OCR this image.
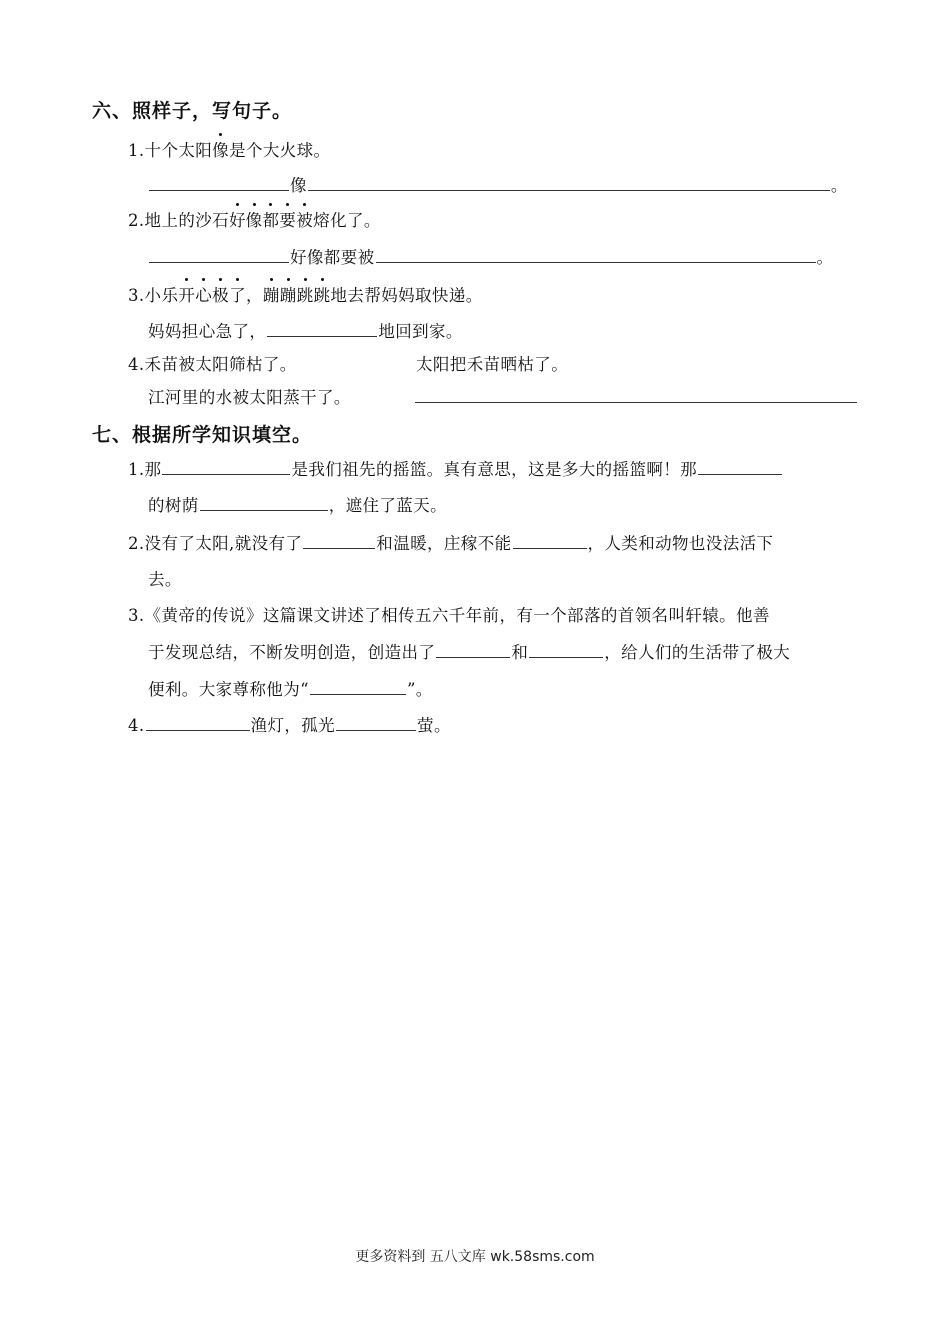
六、照样子，写句子。
1.十个太阳像是个大火球。
像	。
2.地上的沙石好像都要被熔化了。
好像都要被	。
3.小乐开心极了，蹦蹦跳跳地去帮妈妈取快递。
妈妈担心急了，	地回到家。
4.禾苗被太阳筛枯了。	太阳把禾苗晒枯了。
江河里的水被太阳蒸干了。
七、根据所学知识填空。
1.那	是我们祖先的摇篮。真有意思，这是多大的摇篮啊！那
的树荫	，遮住了蓝天。
2.没有了太阳,就没有了	和温暖，庄稼不能	，人类和动物也没法活下
去。
3.《黄帝的传说》这篇课文讲述了相传五六千年前，有一个部落的首领名叫轩辕。他善
于发现总结，不断发明创造，创造出了	和	，给人们的生活带了极大
便利。大家尊称他为“	”。
4.	渔灯，孤光	萤。
更多资料到 五八文库 wk.58sms.com
